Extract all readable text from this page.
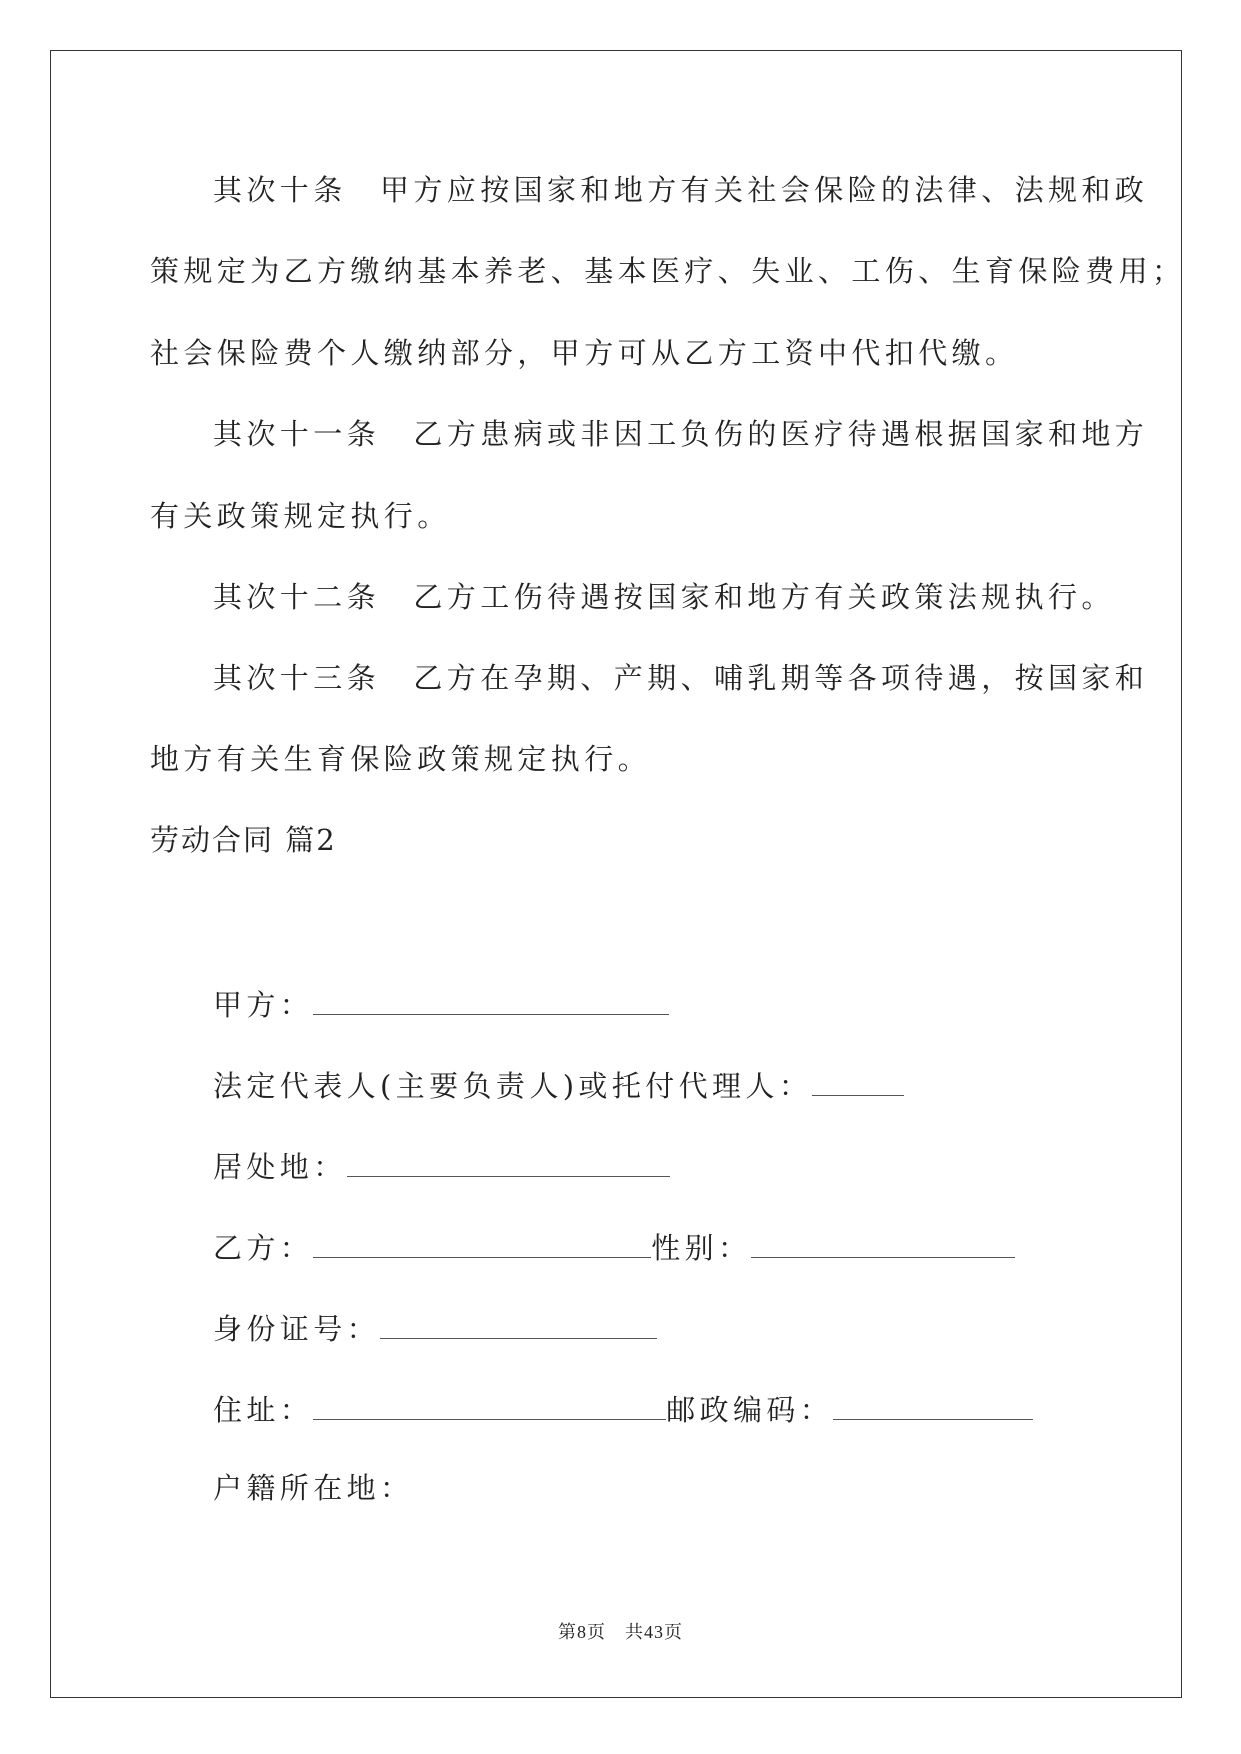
其次十条　甲方应按国家和地方有关社会保险的法律、法规和政
策规定为乙方缴纳基本养老、基本医疗、失业、工伤、生育保险费用；
社会保险费个人缴纳部分，甲方可从乙方工资中代扣代缴。
其次十一条　乙方患病或非因工负伤的医疗待遇根据国家和地方
有关政策规定执行。
其次十二条　乙方工伤待遇按国家和地方有关政策法规执行。
其次十三条　乙方在孕期、产期、哺乳期等各项待遇，按国家和
地方有关生育保险政策规定执行。
劳动合同 篇2
甲方：
法定代表人(主要负责人)或托付代理人：
居处地：
乙方：	性别：
身份证号：
住址：	邮政编码：
户籍所在地：
第8页　共43页
